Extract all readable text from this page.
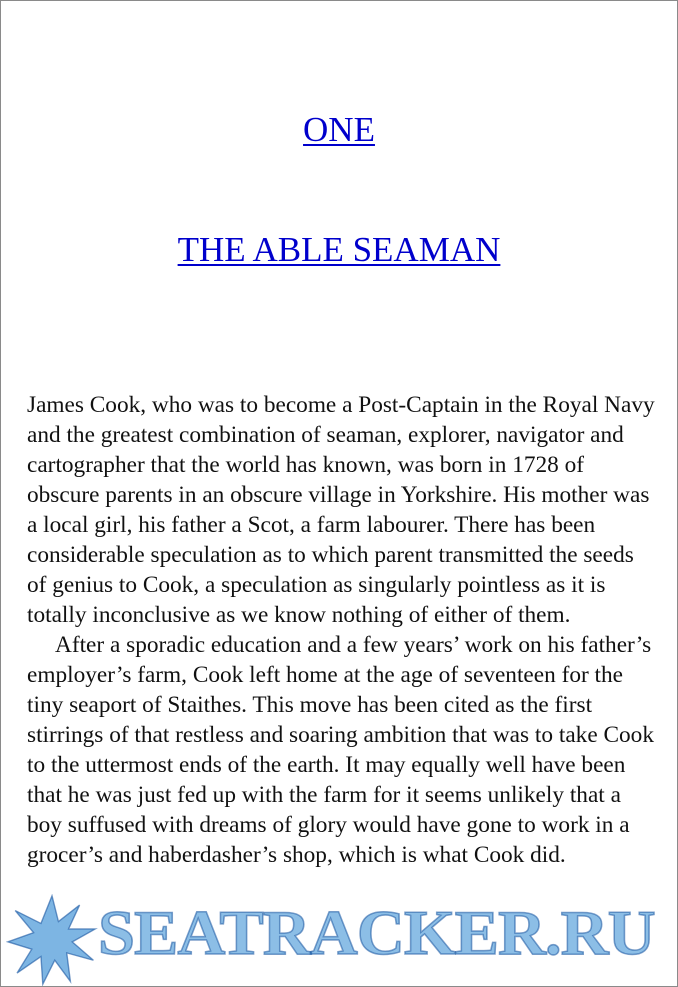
ONE
THE ABLE SEAMAN

James Cook, who was to become a Post-Captain in the Royal Navy and the greatest combination of seaman, explorer, navigator and cartographer that the world has known, was born in 1728 of obscure parents in an obscure village in Yorkshire. His mother was a local girl, his father a Scot, a farm labourer. There has been considerable speculation as to which parent transmitted the seeds of genius to Cook, a speculation as singularly pointless as it is totally inconclusive as we know nothing of either of them.

After a sporadic education and a few years’ work on his father’s employer’s farm, Cook left home at the age of seventeen for the tiny seaport of Staithes. This move has been cited as the first stirrings of that restless and soaring ambition that was to take Cook to the uttermost ends of the earth. It may equally well have been that he was just fed up with the farm for it seems unlikely that a boy suffused with dreams of glory would have gone to work in a grocer’s and haberdasher’s shop, which is what Cook did.

SEATRACKER.RU
